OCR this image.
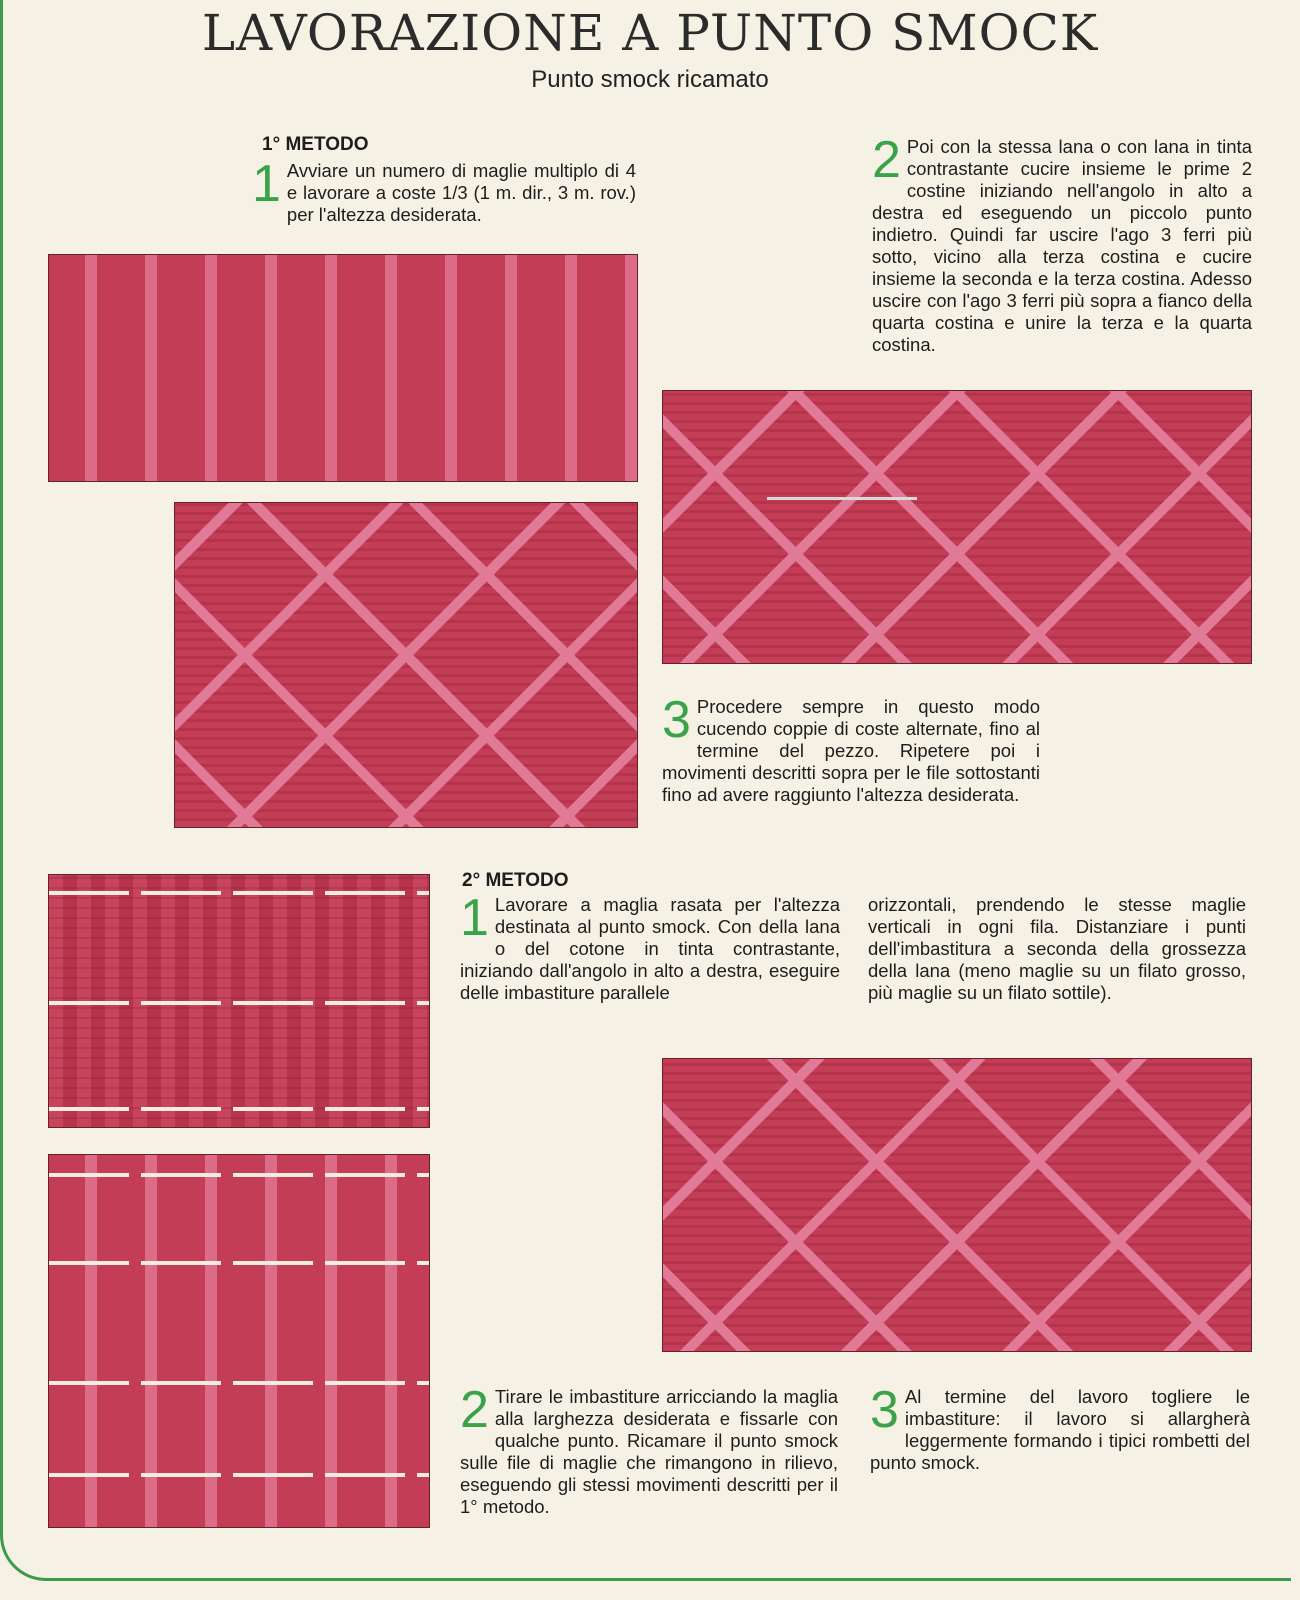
LAVORAZIONE A PUNTO SMOCK
Punto smock ricamato
1° METODO
1 Avviare un numero di maglie multiplo di 4 e lavorare a coste 1/3 (1 m. dir., 3 m. rov.) per l'altezza desiderata.
2 Poi con la stessa lana o con lana in tinta contrastante cucire insieme le prime 2 costine iniziando nell'angolo in alto a destra ed eseguendo un piccolo punto indietro. Quindi far uscire l'ago 3 ferri più sotto, vicino alla terza costina e cucire insieme la seconda e la terza costina. Adesso uscire con l'ago 3 ferri più sopra a fianco della quarta costina e unire la terza e la quarta costina.
3 Procedere sempre in questo modo cucendo coppie di coste alternate, fino al termine del pezzo. Ripetere poi i movimenti descritti sopra per le file sottostanti fino ad avere raggiunto l'altezza desiderata.
2° METODO
1 Lavorare a maglia rasata per l'altezza destinata al punto smock. Con della lana o del cotone in tinta contrastante, iniziando dall'angolo in alto a destra, eseguire delle imbastiture parallele
orizzontali, prendendo le stesse maglie verticali in ogni fila. Distanziare i punti dell'imbastitura a seconda della grossezza della lana (meno maglie su un filato grosso, più maglie su un filato sottile).
2 Tirare le imbastiture arricciando la maglia alla larghezza desiderata e fissarle con qualche punto. Ricamare il punto smock sulle file di maglie che rimangono in rilievo, eseguendo gli stessi movimenti descritti per il 1° metodo.
3 Al termine del lavoro togliere le imbastiture: il lavoro si allargherà leggermente formando i tipici rombetti del punto smock.
